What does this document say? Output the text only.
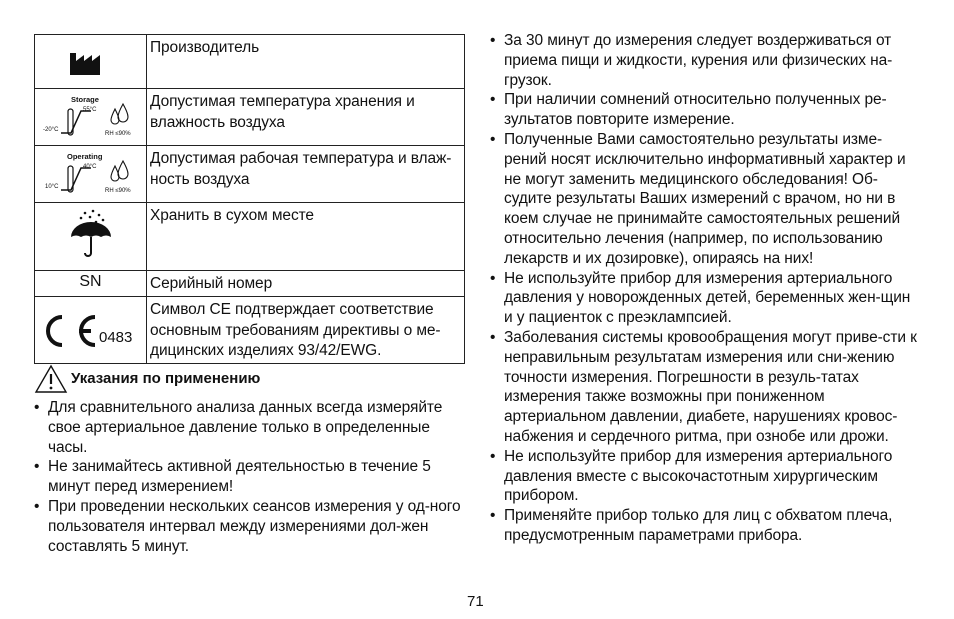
	Производитель

Storage
55°C
-20°C
RH ≤90%	Допустимая температура хранения и влажность воздуха

Operating
40°C
10°C
RH ≤90%	Допустимая рабочая температура и влаж-ность воздуха
	Хранить в сухом месте

SN	Серийный номер

0483	Символ CE подтверждает соответствие основным требованиям директивы о ме-дицинских изделиях 93/42/EWG.
Указания по применению
• Для сравнительного анализа данных всегда измеряйте свое артериальное давление только в определенные часы.
• Не занимайтесь активной деятельностью в течение 5 минут перед измерением!
• При проведении нескольких сеансов измерения у од-ного пользователя интервал между измерениями дол-жен составлять 5 минут.
• За 30 минут до измерения следует воздерживаться от приема пищи и жидкости, курения или физических на-грузок.
• При наличии сомнений относительно полученных ре-зультатов повторите измерение.
• Полученные Вами самостоятельно результаты изме-рений носят исключительно информативный характер и не могут заменить медицинского обследования! Об-судите результаты Ваших измерений с врачом, но ни в коем случае не принимайте самостоятельных решений относительно лечения (например, по использованию лекарств и их дозировке), опираясь на них!
• Не используйте прибор для измерения артериального давления у новорожденных детей, беременных жен-щин и у пациенток с преэклампсией.
• Заболевания системы кровообращения могут приве-сти к неправильным результатам измерения или сни-жению точности измерения. Погрешности в резуль-татах измерения также возможны при пониженном артериальном давлении, диабете, нарушениях кровос-набжения и сердечного ритма, при ознобе или дрожи.
• Не используйте прибор для измерения артериального давления вместе с высокочастотным хирургическим прибором.
• Применяйте прибор только для лиц с обхватом плеча, предусмотренным параметрами прибора.
71
